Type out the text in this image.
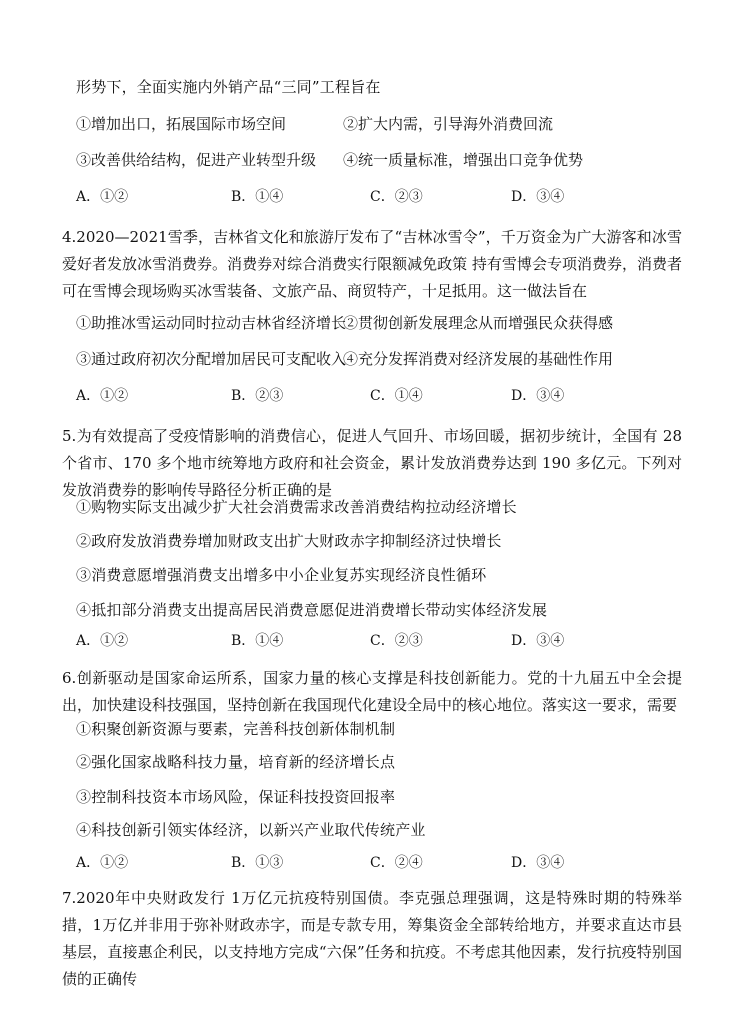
形势下，全面实施内外销产品“三同”工程旨在
①增加出口，拓展国际市场空间	②扩大内需，引导海外消费回流
③改善供给结构，促进产业转型升级 ④统一质量标准，增强出口竞争优势
A．①②	B．①④	C．②③	D．③④
4.2020—2021雪季，吉林省文化和旅游厅发布了“吉林冰雪令”，千万资金为广大游客和冰雪爱好者发放冰雪消费券。消费券对综合消费实行限额减免政策 持有雪博会专项消费券，消费者可在雪博会现场购买冰雪装备、文旅产品、商贸特产，十足抵用。这一做法旨在
①助推冰雪运动同时拉动吉林省经济增长
②贯彻创新发展理念从而增强民众获得感
③通过政府初次分配增加居民可支配收入
④充分发挥消费对经济发展的基础性作用
A．①②	B．②③	C．①④	D．③④
5.为有效提高了受疫情影响的消费信心，促进人气回升、市场回暖，据初步统计，全国有 28 个省市、170 多个地市统筹地方政府和社会资金，累计发放消费券达到 190 多亿元。下列对发放消费券的影响传导路径分析正确的是
①购物实际支出减少扩大社会消费需求改善消费结构拉动经济增长
②政府发放消费券增加财政支出扩大财政赤字抑制经济过快增长
③消费意愿增强消费支出增多中小企业复苏实现经济良性循环
④抵扣部分消费支出提高居民消费意愿促进消费增长带动实体经济发展
A．①②	B．①④	C．②③	D．③④
6.创新驱动是国家命运所系，国家力量的核心支撑是科技创新能力。党的十九届五中全会提出，加快建设科技强国，坚持创新在我国现代化建设全局中的核心地位。落实这一要求，需要
①积聚创新资源与要素，完善科技创新体制机制
②强化国家战略科技力量，培育新的经济增长点
③控制科技资本市场风险，保证科技投资回报率
④科技创新引领实体经济，以新兴产业取代传统产业
A．①②	B．①③	C．②④	D．③④
7.2020年中央财政发行 1万亿元抗疫特别国债。李克强总理强调，这是特殊时期的特殊举措，1万亿并非用于弥补财政赤字，而是专款专用，筹集资金全部转给地方，并要求直达市县基层，直接惠企利民，以支持地方完成“六保”任务和抗疫。不考虑其他因素，发行抗疫特别国债的正确传
